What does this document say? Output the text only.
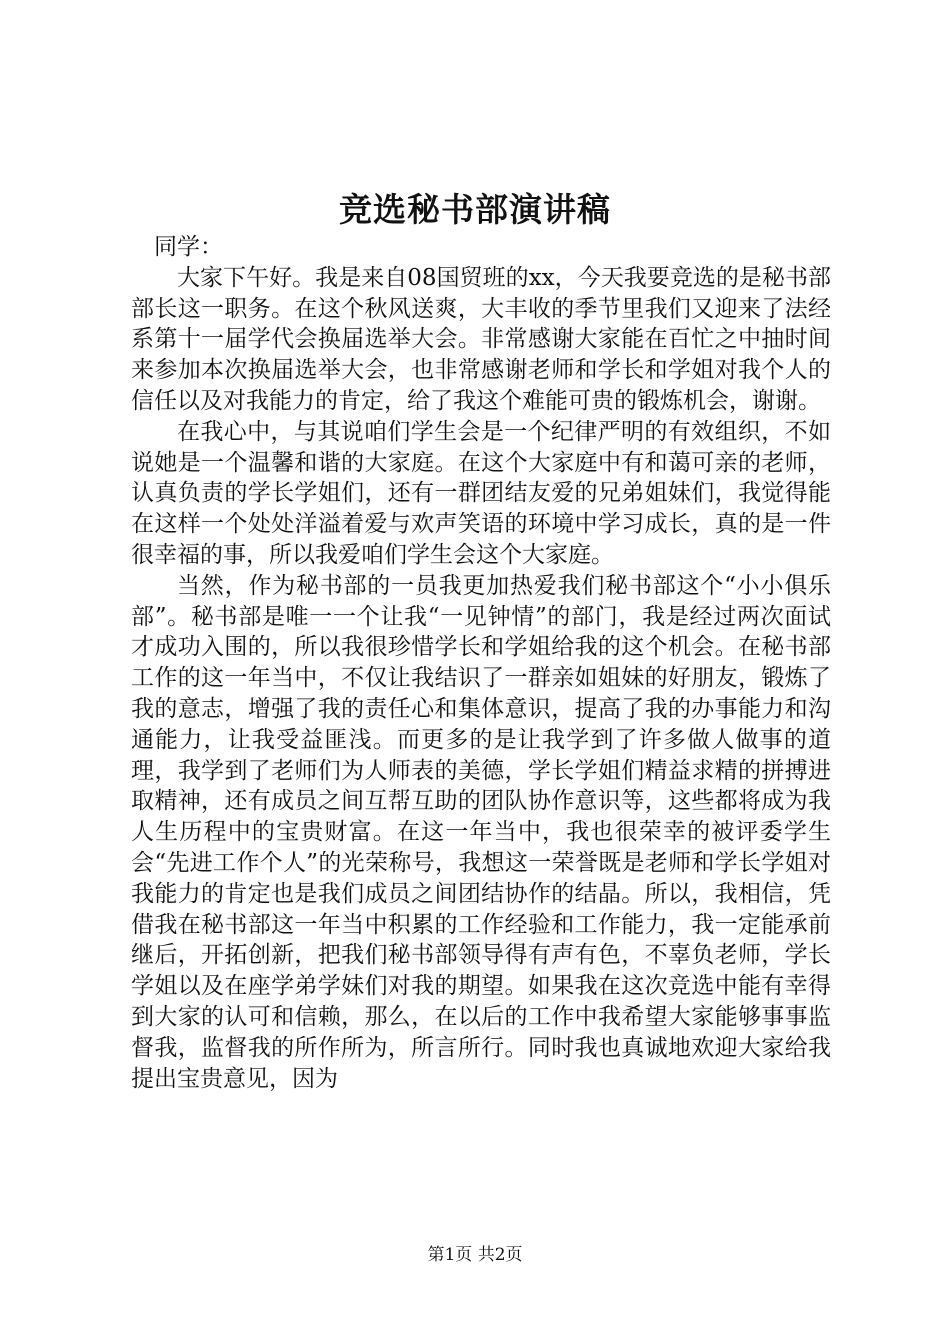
竞选秘书部演讲稿

同学：

大家下午好。我是来自08国贸班的xx，今天我要竞选的是秘书部部长这一职务。在这个秋风送爽，大丰收的季节里我们又迎来了法经系第十一届学代会换届选举大会。非常感谢大家能在百忙之中抽时间来参加本次换届选举大会，也非常感谢老师和学长和学姐对我个人的信任以及对我能力的肯定，给了我这个难能可贵的锻炼机会，谢谢。

在我心中，与其说咱们学生会是一个纪律严明的有效组织，不如说她是一个温馨和谐的大家庭。在这个大家庭中有和蔼可亲的老师，认真负责的学长学姐们，还有一群团结友爱的兄弟姐妹们，我觉得能在这样一个处处洋溢着爱与欢声笑语的环境中学习成长，真的是一件很幸福的事，所以我爱咱们学生会这个大家庭。

当然，作为秘书部的一员我更加热爱我们秘书部这个“小小俱乐部”。秘书部是唯一一个让我“一见钟情”的部门，我是经过两次面试才成功入围的，所以我很珍惜学长和学姐给我的这个机会。在秘书部工作的这一年当中，不仅让我结识了一群亲如姐妹的好朋友，锻炼了我的意志，增强了我的责任心和集体意识，提高了我的办事能力和沟通能力，让我受益匪浅。而更多的是让我学到了许多做人做事的道理，我学到了老师们为人师表的美德，学长学姐们精益求精的拼搏进取精神，还有成员之间互帮互助的团队协作意识等，这些都将成为我人生历程中的宝贵财富。在这一年当中，我也很荣幸的被评委学生会“先进工作个人”的光荣称号，我想这一荣誉既是老师和学长学姐对我能力的肯定也是我们成员之间团结协作的结晶。所以，我相信，凭借我在秘书部这一年当中积累的工作经验和工作能力，我一定能承前继后，开拓创新，把我们秘书部领导得有声有色，不辜负老师，学长学姐以及在座学弟学妹们对我的期望。如果我在这次竞选中能有幸得到大家的认可和信赖，那么，在以后的工作中我希望大家能够事事监督我，监督我的所作所为，所言所行。同时我也真诚地欢迎大家给我提出宝贵意见，因为

第1页 共2页
